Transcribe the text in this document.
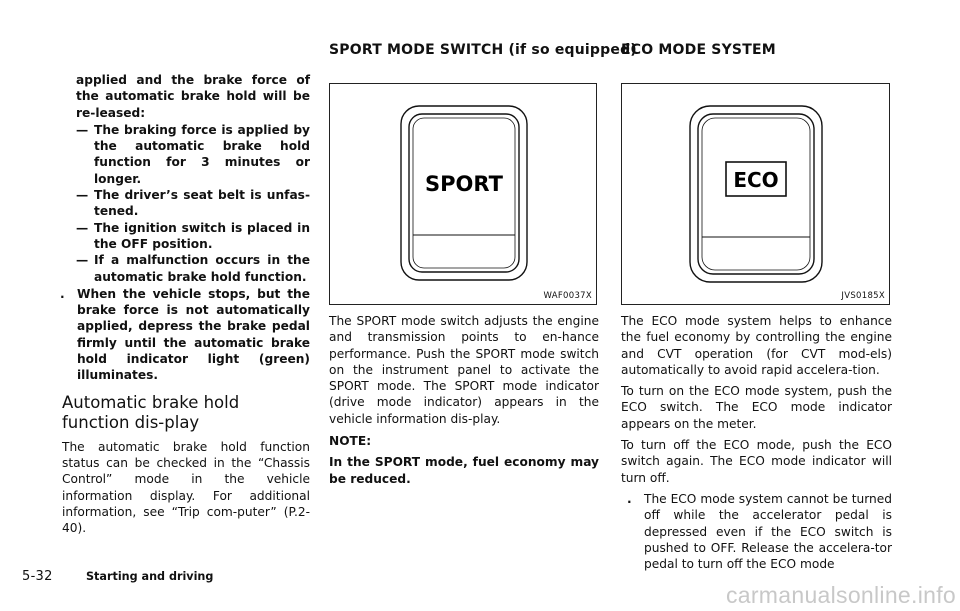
SPORT MODE SWITCH (if so equipped)
ECO MODE SYSTEM

applied and the brake force of the automatic brake hold will be re-leased:

— The braking force is applied by the automatic brake hold function for 3 minutes or longer.
— The driver’s seat belt is unfas-tened.
— The ignition switch is placed in the OFF position.
— If a malfunction occurs in the automatic brake hold function.
. When the vehicle stops, but the brake force is not automatically applied, depress the brake pedal firmly until the automatic brake hold indicator light (green) illuminates.
Automatic brake hold function dis-play

The automatic brake hold function status can be checked in the “Chassis Control” mode in the vehicle information display. For additional information, see “Trip com-puter” (P.2-40).

SPORT
WAF0037X

The SPORT mode switch adjusts the engine and transmission points to en-hance performance. Push the SPORT mode switch on the instrument panel to activate the SPORT mode. The SPORT mode indicator (drive mode indicator) appears in the vehicle information dis-play.

NOTE:

In the SPORT mode, fuel economy may be reduced.

ECO
JVS0185X

The ECO mode system helps to enhance the fuel economy by controlling the engine and CVT operation (for CVT mod-els) automatically to avoid rapid accelera-tion.

To turn on the ECO mode system, push the ECO switch. The ECO mode indicator appears on the meter.

To turn off the ECO mode, push the ECO switch again. The ECO mode indicator will turn off.

. The ECO mode system cannot be turned off while the accelerator pedal is depressed even if the ECO switch is pushed to OFF. Release the accelera-tor pedal to turn off the ECO mode
5-32	Starting and driving
carmanualsonline.info
